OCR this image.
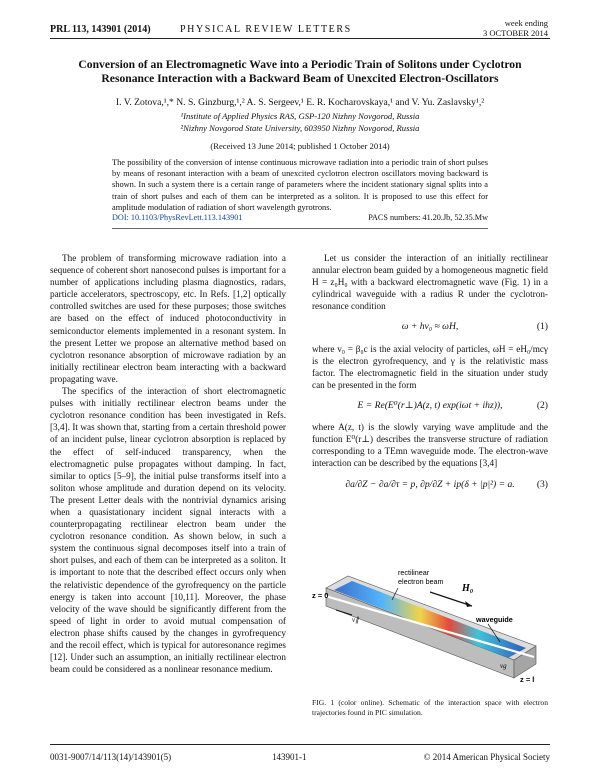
PRL 113, 143901 (2014)	PHYSICAL REVIEW LETTERS
week ending
3 OCTOBER 2014
Conversion of an Electromagnetic Wave into a Periodic Train of Solitons under Cyclotron
Resonance Interaction with a Backward Beam of Unexcited Electron-Oscillators
I. V. Zotova,¹,* N. S. Ginzburg,¹,² A. S. Sergeev,¹ E. R. Kocharovskaya,¹ and V. Yu. Zaslavsky¹,²
¹Institute of Applied Physics RAS, GSP-120 Nizhny Novgorod, Russia
²Nizhny Novgorod State University, 603950 Nizhny Novgorod, Russia
(Received 13 June 2014; published 1 October 2014)
The possibility of the conversion of intense continuous microwave radiation into a periodic train of short pulses by means of resonant interaction with a beam of unexcited cyclotron electron oscillators moving backward is shown. In such a system there is a certain range of parameters where the incident stationary signal splits into a train of short pulses and each of them can be interpreted as a soliton. It is proposed to use this effect for amplitude modulation of radiation of short wavelength gyrotrons.
DOI: 10.1103/PhysRevLett.113.143901	PACS numbers: 41.20.Jb, 52.35.Mw

The problem of transforming microwave radiation into a sequence of coherent short nanosecond pulses is important for a number of applications including plasma diagnostics, radars, particle accelerators, spectroscopy, etc. In Refs. [1,2] optically controlled switches are used for these purposes; those switches are based on the effect of induced photoconductivity in semiconductor elements implemented in a resonant system. In the present Letter we propose an alternative method based on cyclotron resonance absorption of microwave radiation by an initially rectilinear electron beam interacting with a backward propagating wave.

The specifics of the interaction of short electromagnetic pulses with initially rectilinear electron beams under the cyclotron resonance condition has been investigated in Refs. [3,4]. It was shown that, starting from a certain threshold power of an incident pulse, linear cyclotron absorption is replaced by the effect of self-induced transparency, when the electromagnetic pulse propagates without damping. In fact, similar to optics [5–9], the initial pulse transforms itself into a soliton whose amplitude and duration depend on its velocity. The present Letter deals with the nontrivial dynamics arising when a quasistationary incident signal interacts with a counterpropagating rectilinear electron beam under the cyclotron resonance condition. As shown below, in such a system the continuous signal decomposes itself into a train of short pulses, and each of them can be interpreted as a soliton. It is important to note that the described effect occurs only when the relativistic dependence of the gyrofrequency on the particle energy is taken into account [10,11]. Moreover, the phase velocity of the wave should be significantly different from the speed of light in order to avoid mutual compensation of electron phase shifts caused by the changes in gyrofrequency and the recoil effect, which is typical for autoresonance regimes [12]. Under such an assumption, an initially rectilinear electron beam could be considered as a nonlinear resonance medium.

Let us consider the interaction of an initially rectilinear annular electron beam guided by a homogeneous magnetic field H = z₀H₀ with a backward electromagnetic wave (Fig. 1) in a cylindrical waveguide with a radius R under the cyclotron-resonance condition

ω + hv₀ ≈ ωH,	(1)

where v₀ = β₀c is the axial velocity of particles, ωH = eH₀/mcγ is the electron gyrofrequency, and γ is the relativistic mass factor. The electromagnetic field in the situation under study can be presented in the form

E = Re(E⁰(r⊥)A(z, t) exp(iωt + ihz)),	(2)

where A(z, t) is the slowly varying wave amplitude and the function E⁰(r⊥) describes the transverse structure of radiation corresponding to a TEmn waveguide mode. The electron-wave interaction can be described by the equations [3,4]

∂a/∂Z − ∂a/∂τ = p, ∂p/∂Z + ip(δ + |p|²) = a. (3)
rectilinear
electron beam
H₀
waveguide
z = 0
z = l
v∥
vg
FIG. 1 (color online). Schematic of the interaction space with electron trajectories found in PIC simulation.
0031-9007/14/113(14)/143901(5)	143901-1	© 2014 American Physical Society
